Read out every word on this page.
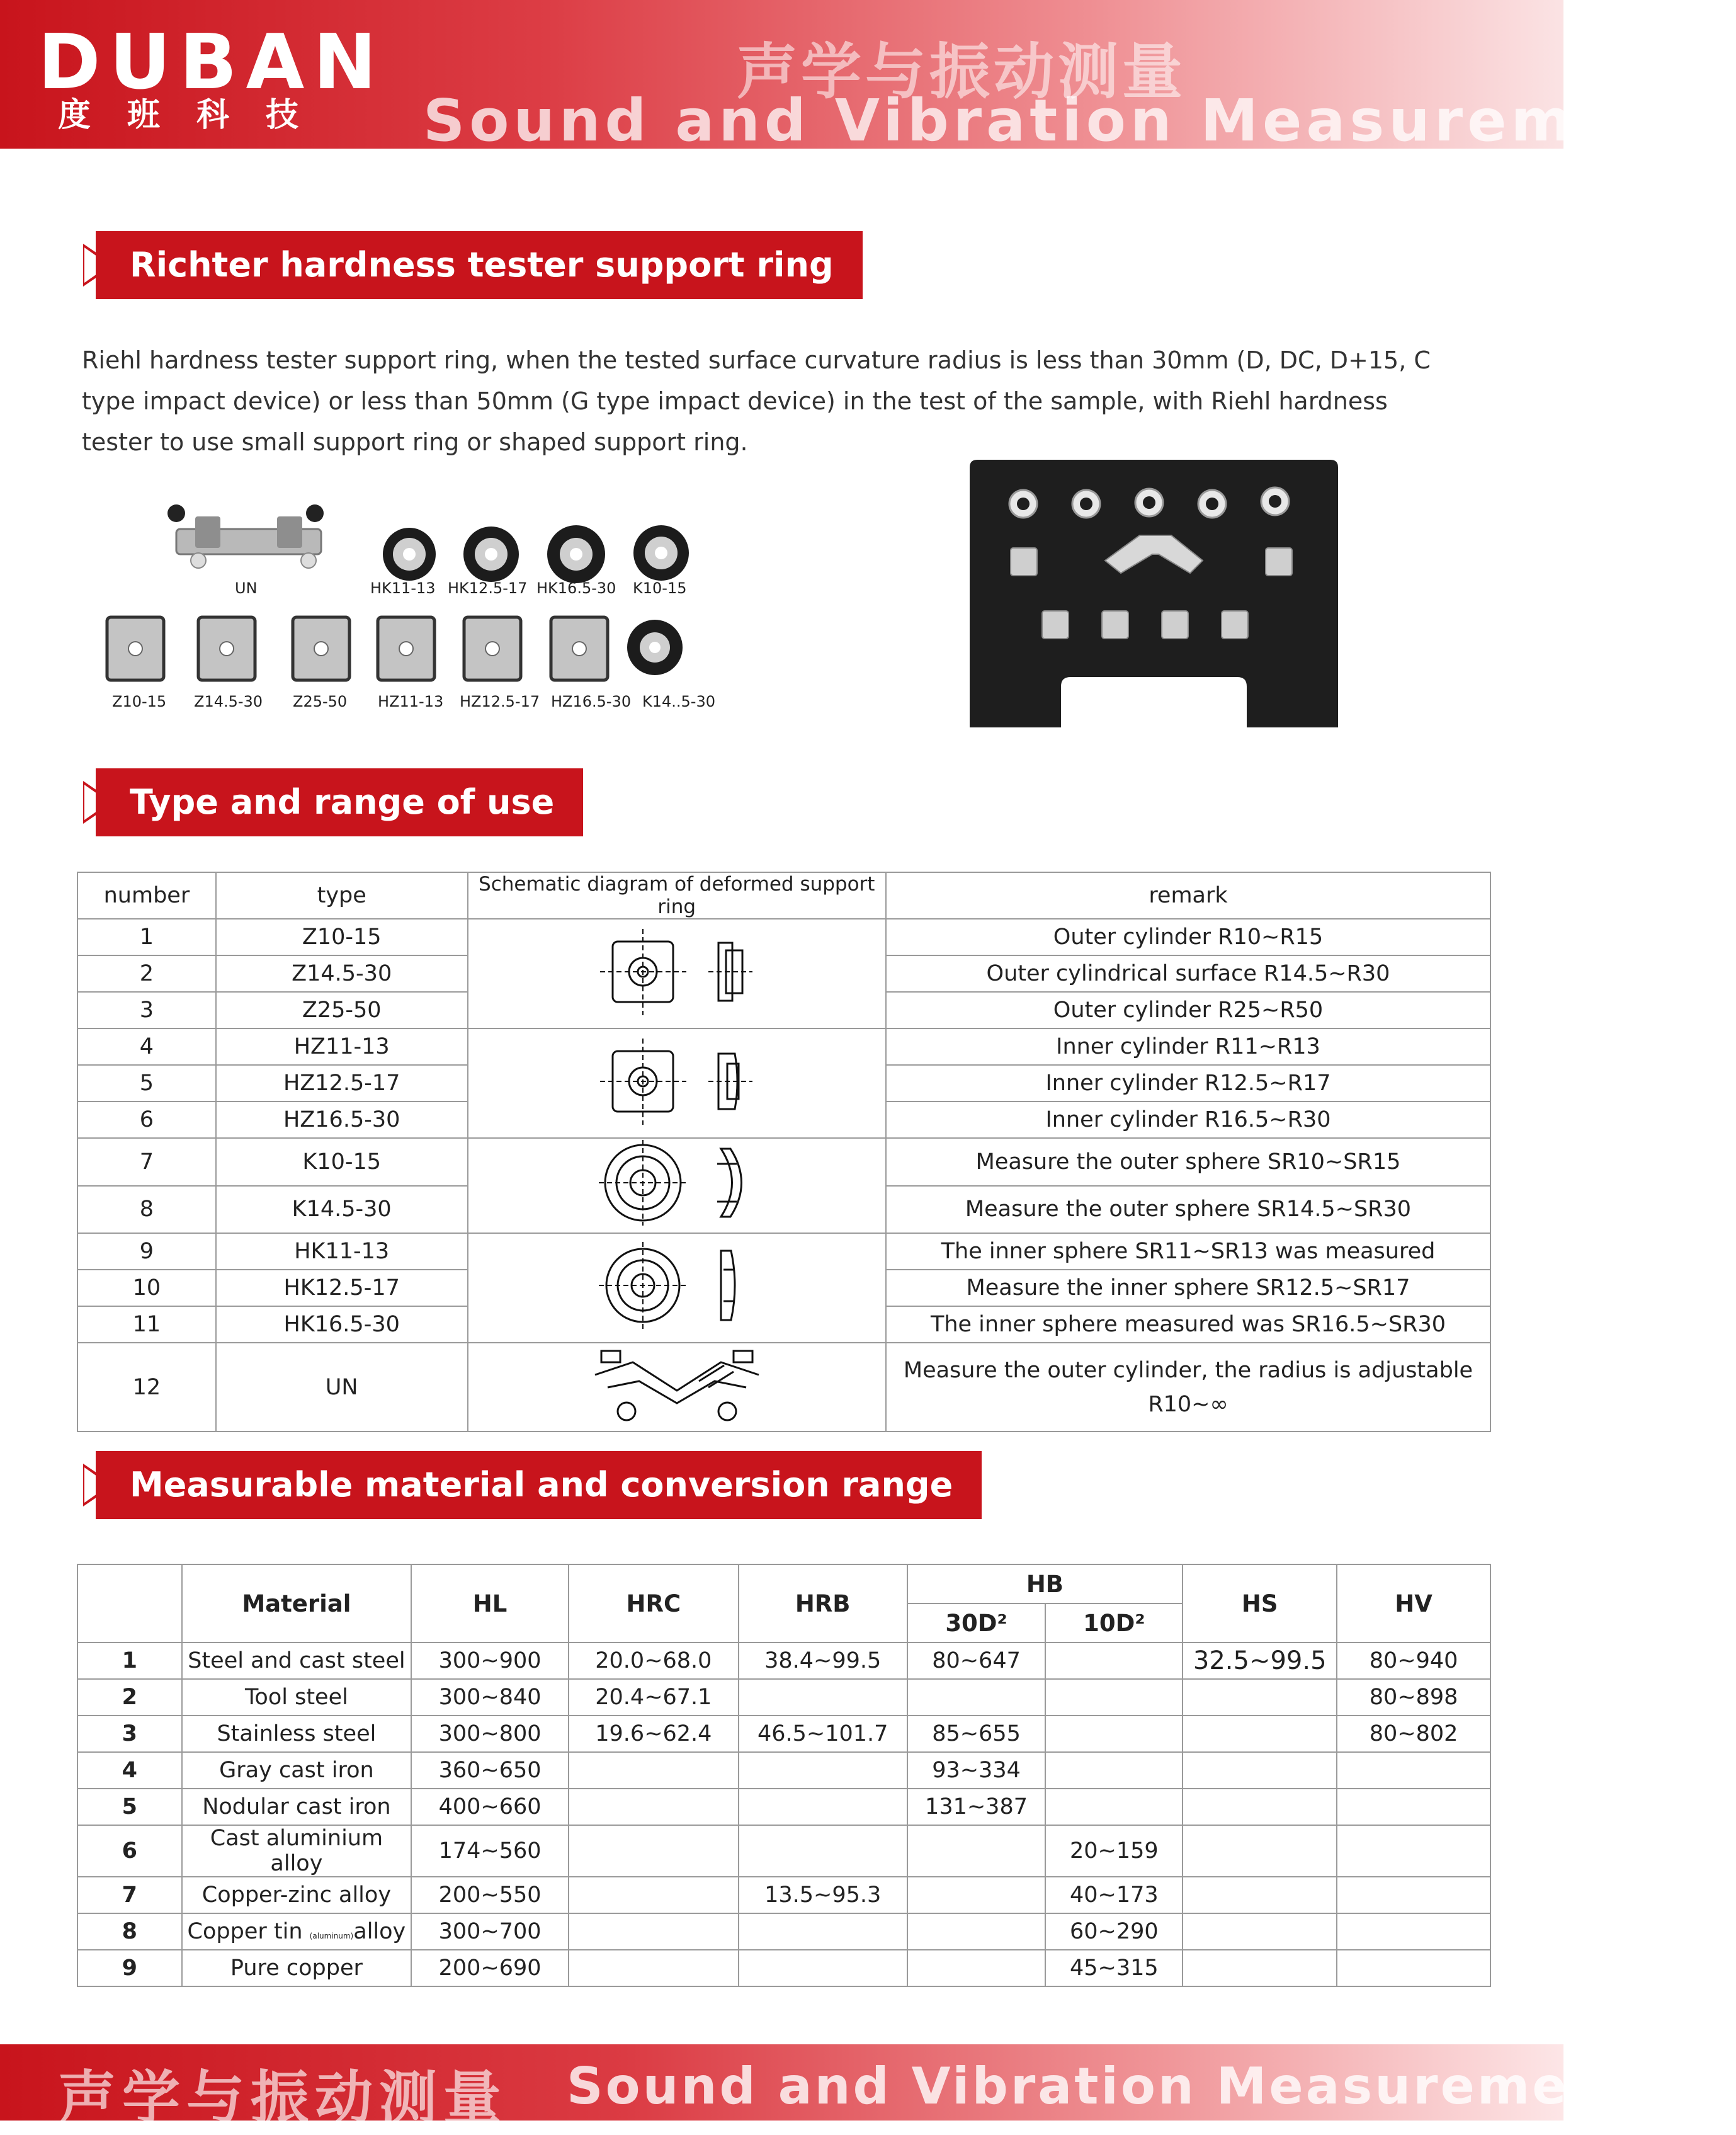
DUBAN
度班科技
声学与振动测量
Sound and Vibration Measurements
Richter hardness tester support ring

Riehl hardness tester support ring, when the tested surface curvature radius is less than 30mm (D, DC, D+15, C type impact device) or less than 50mm (G type impact device) in the test of the sample, with Riehl hardness tester to use small support ring or shaped support ring.

UN	HK11-13 HK12.5-17 HK16.5-30 K10-15
Z10-15 Z14.5-30 Z25-50 HZ11-13 HZ12.5-17 HZ16.5-30 K14..5-30
Type and range of use
number	type	Schematic diagram of deformed support ring	remark
1	Z10-15		Outer cylinder R10~R15
2	Z14.5-30		Outer cylindrical surface R14.5~R30
3	Z25-50		Outer cylinder R25~R50
4	HZ11-13		Inner cylinder R11~R13
5	HZ12.5-17		Inner cylinder R12.5~R17
6	HZ16.5-30		Inner cylinder R16.5~R30
7	K10-15		Measure the outer sphere SR10~SR15
8	K14.5-30		Measure the outer sphere SR14.5~SR30
9	HK11-13		The inner sphere SR11~SR13 was measured
10	HK12.5-17		Measure the inner sphere SR12.5~SR17
11	HK16.5-30		The inner sphere measured was SR16.5~SR30
12	UN		Measure the outer cylinder, the radius is adjustable
R10~∞
Measurable material and conversion range
	Material	HL	HRC	HRB	HB		HS	HV
					30D²	10D²		
1	Steel and cast steel	300~900	20.0~68.0	38.4~99.5	80~647		32.5~99.5	80~940
2	Tool steel	300~840	20.4~67.1					80~898
3	Stainless steel	300~800	19.6~62.4	46.5~101.7	85~655			80~802
4	Gray cast iron	360~650			93~334			
5	Nodular cast iron	400~660			131~387			
6	Cast aluminium alloy	174~560				20~159		
7	Copper-zinc alloy	200~550		13.5~95.3		40~173		
8	Copper tin (aluminum)alloy	300~700				60~290		
9	Pure copper	200~690				45~315		
声学与振动测量 Sound and Vibration Measurements
